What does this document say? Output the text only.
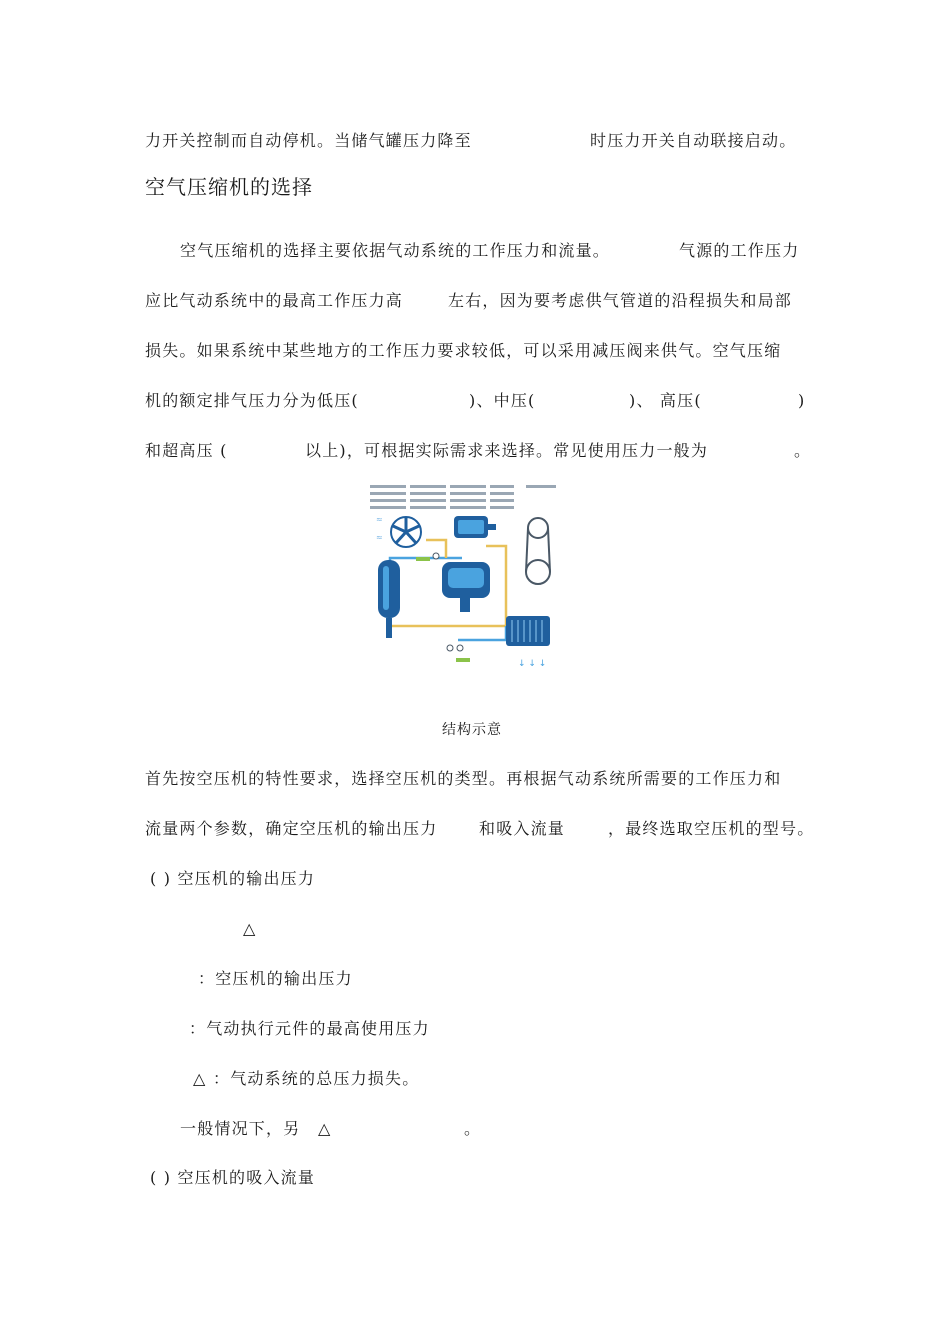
力开关控制而自动停机。当储气罐压力降至	时压力开关自动联接启动。
空气压缩机的选择
空气压缩机的选择主要依据气动系统的工作压力和流量。	气源的工作压力
应比气动系统中的最高工作压力高	左右，因为要考虑供气管道的沿程损失和局部
损失。如果系统中某些地方的工作压力要求较低，可以采用减压阀来供气。空气压缩
机的额定排气压力分为低压(	)、中压(	)、 高压(	)
和超高压 (	以上)，可根据实际需求来选择。常见使用压力一般为	。
≈
≈
↓ ↓ ↓
结构示意
首先按空压机的特性要求，选择空压机的类型。再根据气动系统所需要的工作压力和
流量两个参数，确定空压机的输出压力	和吸入流量	，最终选取空压机的型号。
( ) 空压机的输出压力
△
：空压机的输出压力
：气动执行元件的最高使用压力
△ ：气动系统的总压力损失。
一般情况下，另 △	。
( ) 空压机的吸入流量
